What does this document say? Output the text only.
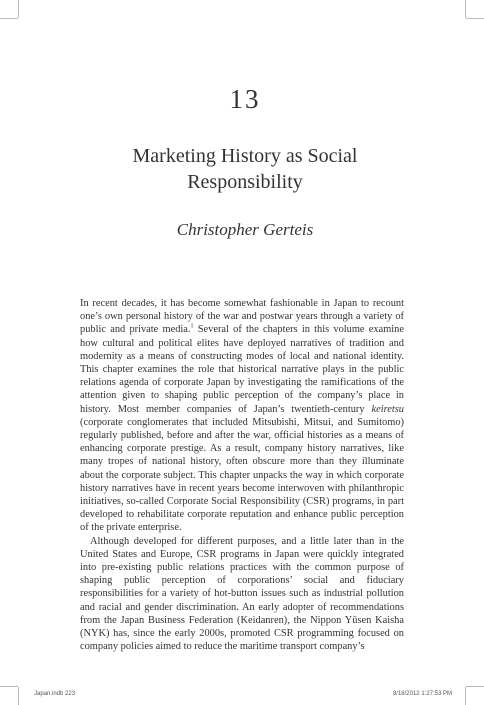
13
Marketing History as Social
Responsibility
Christopher Gerteis

In recent decades, it has become somewhat fashionable in Japan to recount one’s own personal history of the war and postwar years through a variety of public and private media.$^1$ Several of the chapters in this volume examine how cultural and political elites have deployed narratives of tradition and modernity as a means of constructing modes of local and national identity. This chapter examines the role that historical narrative plays in the public relations agenda of corporate Japan by investigating the ramifications of the attention given to shaping public perception of the company’s place in history. Most member companies of Japan’s twentieth-century keiretsu (corporate conglomerates that included Mitsubishi, Mitsui, and Sumitomo) regularly published, before and after the war, official histories as a means of enhancing corporate prestige. As a result, company history narratives, like many tropes of national history, often obscure more than they illuminate about the corporate subject. This chapter unpacks the way in which corporate history narratives have in recent years become interwoven with philanthropic initiatives, so-called Corporate Social Responsibility (CSR) programs, in part developed to rehabilitate corporate reputation and enhance public perception of the private enterprise.

Although developed for different purposes, and a little later than in the United States and Europe, CSR programs in Japan were quickly integrated into pre-existing public relations practices with the common purpose of shaping public perception of corporations’ social and fiduciary responsibilities for a variety of hot-button issues such as industrial pollution and racial and gender discrimination. An early adopter of recommendations from the Japan Business Federation (Keidanren), the Nippon Yūsen Kaisha (NYK) has, since the early 2000s, promoted CSR programming focused on company policies aimed to reduce the maritime transport company’s

Japan.indb 223	8/18/2012 1:27:53 PM
